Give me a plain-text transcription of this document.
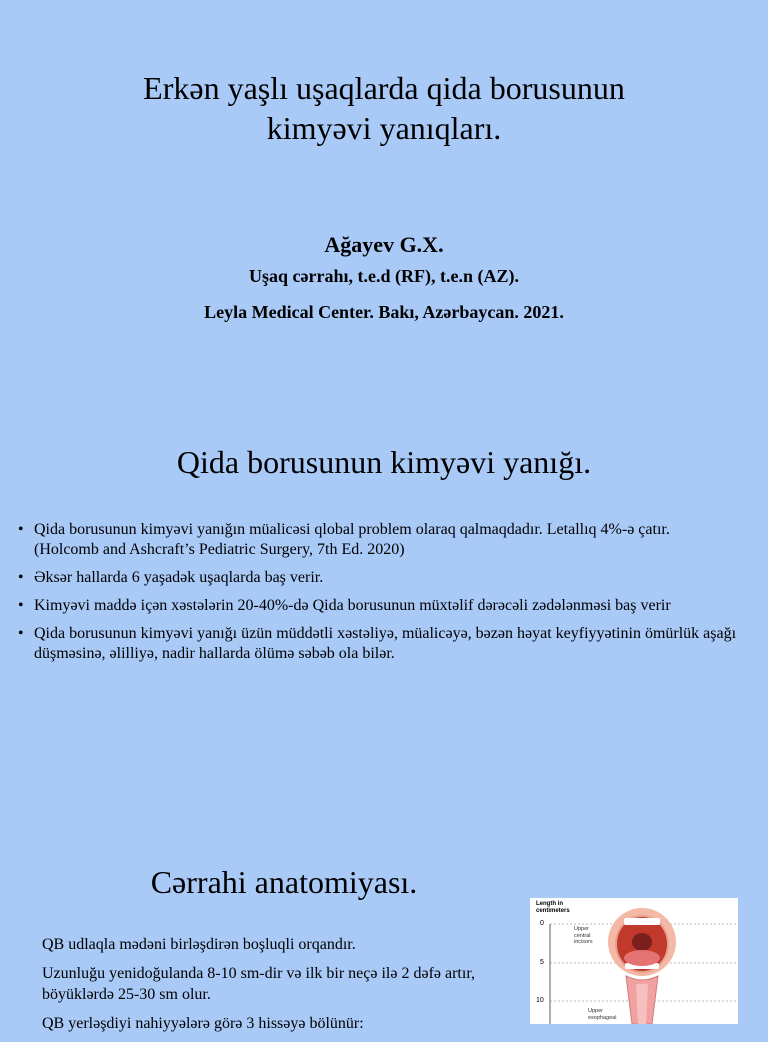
Erkən yaşlı uşaqlarda qida borusunun
kimyəvi yanıqları.
Ağayev G.X.
Uşaq cərrahı, t.e.d (RF), t.e.n (AZ).
Leyla Medical Center. Bakı, Azərbaycan. 2021.
Qida borusunun kimyəvi yanığı.
• Qida borusunun kimyəvi yanığın müalicəsi qlobal problem olaraq qalmaqdadır. Letallıq 4%-ə çatır. (Holcomb and Ashcraft’s Pediatric Surgery, 7th Ed. 2020)
• Əksər hallarda 6 yaşadək uşaqlarda baş verir.
• Kimyəvi maddə içən xəstələrin 20-40%-də Qida borusunun müxtəlif dərəcəli zədələnməsi baş verir
• Qida borusunun kimyəvi yanığı üzün müddətli xəstəliyə, müalicəyə, bəzən həyat keyfiyyətinin ömürlük aşağı düşməsinə, əlilliyə, nadir hallarda ölümə səbəb ola bilər.
Cərrahi anatomiyası.

QB udlaqla mədəni birləşdirən boşluqli orqandır.

Uzunluğu yenidoğulanda 8-10 sm-dir və ilk bir neçə ilə 2 dəfə artır, böyüklərdə 25-30 sm olur.

QB yerləşdiyi nahiyyələrə görə 3 hissəyə bölünür:

Length in
centimeters
0
5
10
Upper central incisors
Upper esophageal
